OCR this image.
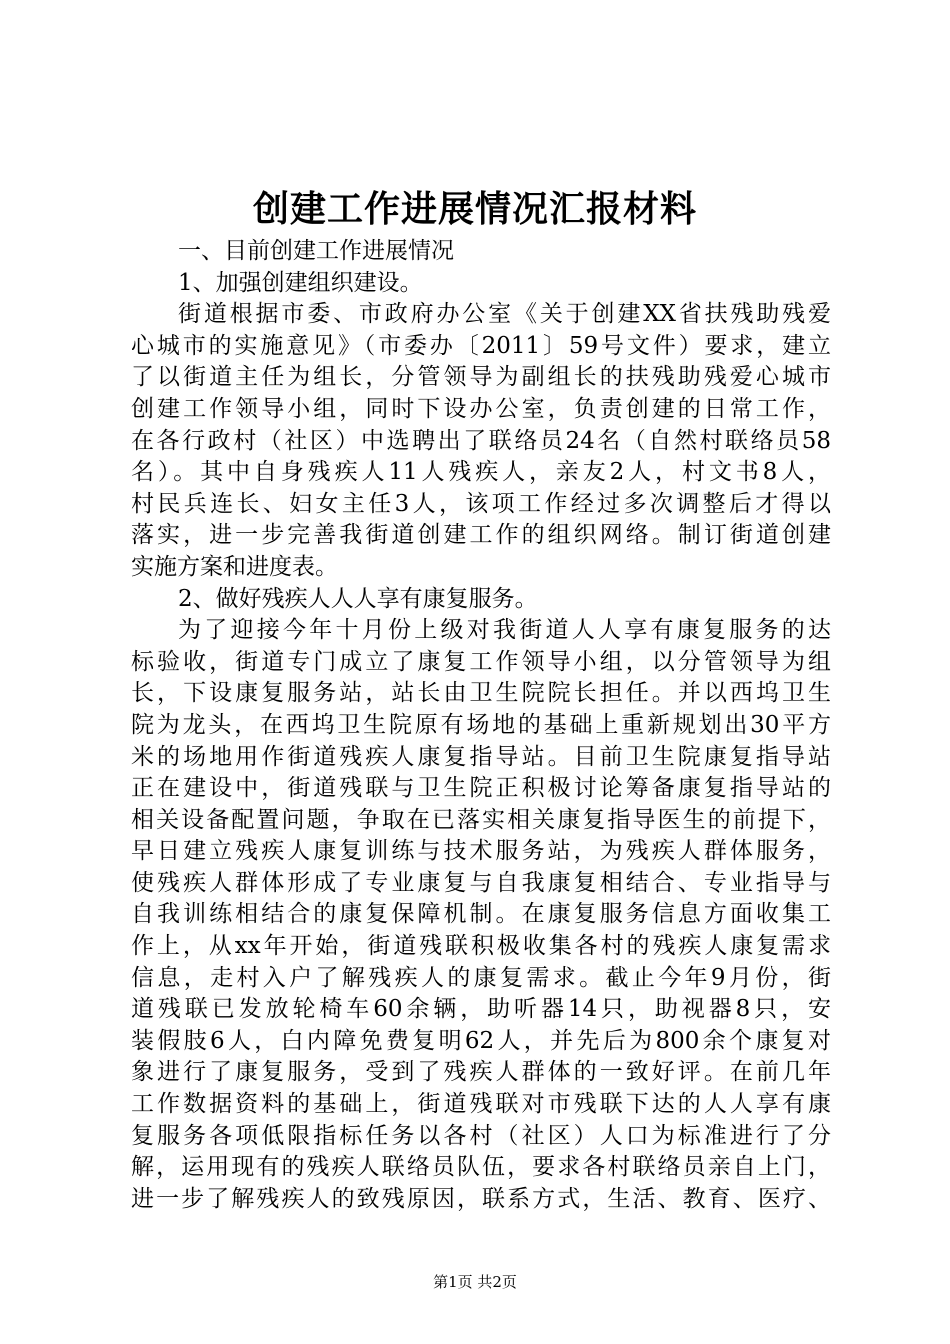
创建工作进展情况汇报材料
一、目前创建工作进展情况
1、加强创建组织建设。
街道根据市委、市政府办公室《关于创建XX省扶残助残爱
心城市的实施意见》（市委办〔2011〕59号文件）要求，建立
了以街道主任为组长，分管领导为副组长的扶残助残爱心城市
创建工作领导小组，同时下设办公室，负责创建的日常工作，
在各行政村（社区）中选聘出了联络员24名（自然村联络员58
名）。其中自身残疾人11人残疾人，亲友2人，村文书8人，
村民兵连长、妇女主任3人，该项工作经过多次调整后才得以
落实，进一步完善我街道创建工作的组织网络。制订街道创建
实施方案和进度表。
2、做好残疾人人人享有康复服务。
为了迎接今年十月份上级对我街道人人享有康复服务的达
标验收，街道专门成立了康复工作领导小组，以分管领导为组
长，下设康复服务站，站长由卫生院院长担任。并以西坞卫生
院为龙头，在西坞卫生院原有场地的基础上重新规划出30平方
米的场地用作街道残疾人康复指导站。目前卫生院康复指导站
正在建设中，街道残联与卫生院正积极讨论筹备康复指导站的
相关设备配置问题，争取在已落实相关康复指导医生的前提下，
早日建立残疾人康复训练与技术服务站，为残疾人群体服务，
使残疾人群体形成了专业康复与自我康复相结合、专业指导与
自我训练相结合的康复保障机制。在康复服务信息方面收集工
作上，从xx年开始，街道残联积极收集各村的残疾人康复需求
信息，走村入户了解残疾人的康复需求。截止今年9月份，街
道残联已发放轮椅车60余辆，助听器14只，助视器8只，安
装假肢6人，白内障免费复明62人，并先后为800余个康复对
象进行了康复服务，受到了残疾人群体的一致好评。在前几年
工作数据资料的基础上，街道残联对市残联下达的人人享有康
复服务各项低限指标任务以各村（社区）人口为标准进行了分
解，运用现有的残疾人联络员队伍，要求各村联络员亲自上门，
进一步了解残疾人的致残原因，联系方式，生活、教育、医疗、
第1页 共2页
